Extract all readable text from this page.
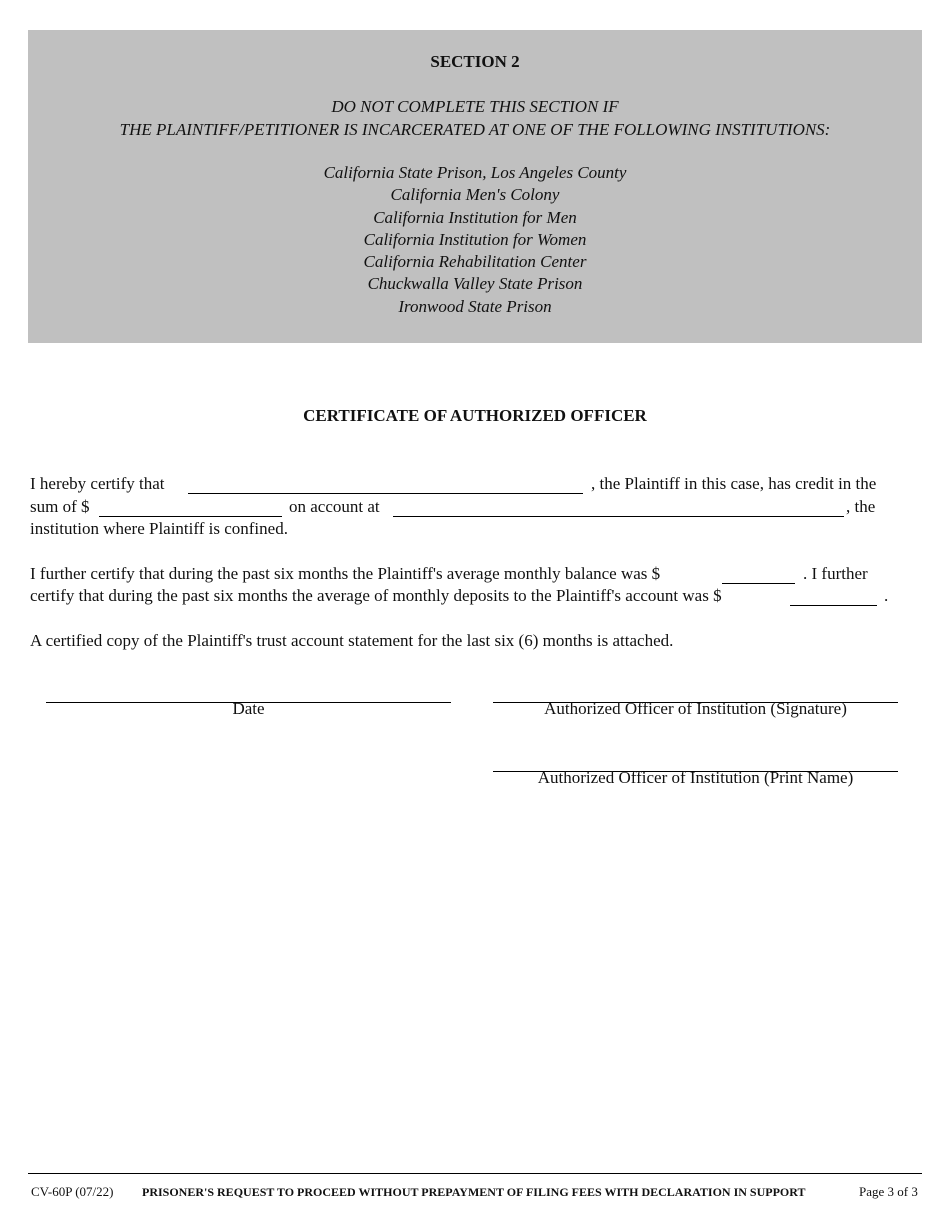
SECTION 2
DO NOT COMPLETE THIS SECTION IF
THE PLAINTIFF/PETITIONER IS INCARCERATED AT ONE OF THE FOLLOWING INSTITUTIONS:
California State Prison, Los Angeles County
California Men's Colony
California Institution for Men
California Institution for Women
California Rehabilitation Center
Chuckwalla Valley State Prison
Ironwood State Prison
CERTIFICATE OF AUTHORIZED OFFICER
I hereby certify that	, the Plaintiff in this case, has credit in the
sum of $	on account at	, the
institution where Plaintiff is confined.
I further certify that during the past six months the Plaintiff's average monthly balance was $	. I further
certify that during the past six months the average of monthly deposits to the Plaintiff's account was $	.
A certified copy of the Plaintiff's trust account statement for the last six (6) months is attached.
Date	Authorized Officer of Institution (Signature)
Authorized Officer of Institution (Print Name)
CV-60P (07/22) PRISONER'S REQUEST TO PROCEED WITHOUT PREPAYMENT OF FILING FEES WITH DECLARATION IN SUPPORT	Page 3 of 3
